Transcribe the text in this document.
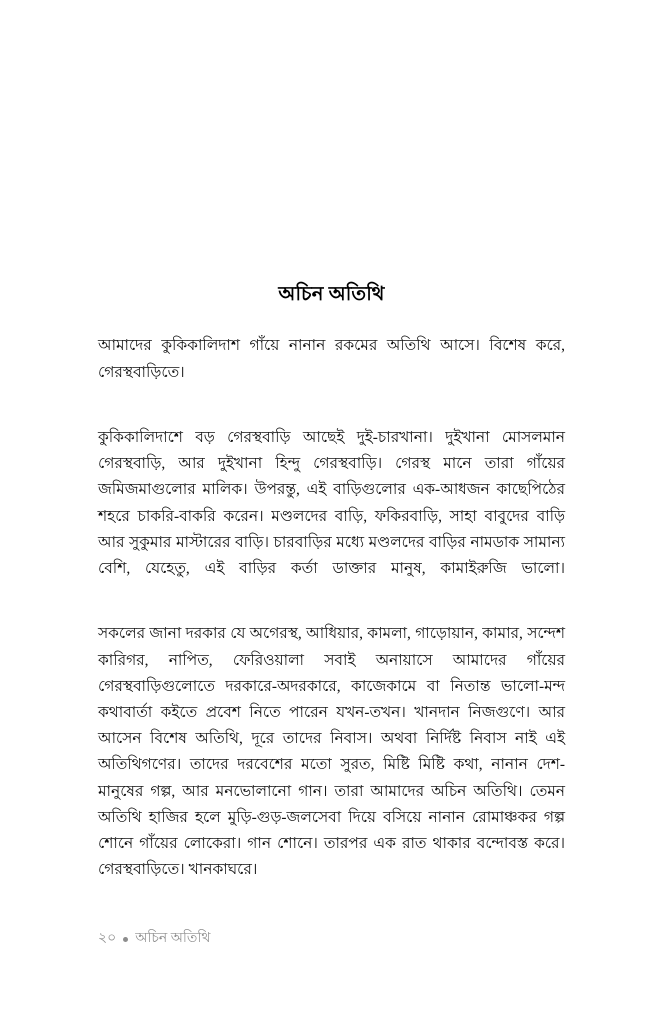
অচিন অতিথি

আমাদের কুকিকালিদাশ গাঁয়ে নানান রকমের অতিথি আসে। বিশেষ করে, গেরস্থবাড়িতে।

কুকিকালিদাশে বড় গেরস্থবাড়ি আছেই দুই-চারখানা। দুইখানা মোসলমান গেরস্থবাড়ি, আর দুইখানা হিন্দু গেরস্থবাড়ি। গেরস্থ মানে তারা গাঁয়ের জমিজমাগুলোর মালিক। উপরন্তু, এই বাড়িগুলোর এক-আধজন কাছেপিঠের শহরে চাকরি-বাকরি করেন। মণ্ডলদের বাড়ি, ফকিরবাড়ি, সাহা বাবুদের বাড়ি আর সুকুমার মাস্টারের বাড়ি। চারবাড়ির মধ্যে মণ্ডলদের বাড়ির নামডাক সামান্য বেশি, যেহেতু, এই বাড়ির কর্তা ডাক্তার মানুষ, কামাইরুজি ভালো।

সকলের জানা দরকার যে অগেরস্থ, আধিয়ার, কামলা, গাড়োয়ান, কামার, সন্দেশ কারিগর, নাপিত, ফেরিওয়ালা সবাই অনায়াসে আমাদের গাঁয়ের গেরস্থবাড়িগুলোতে দরকারে-অদরকারে, কাজেকামে বা নিতান্ত ভালো-মন্দ কথাবার্তা কইতে প্রবেশ নিতে পারেন যখন-তখন। খানদান নিজগুণে। আর আসেন বিশেষ অতিথি, দূরে তাদের নিবাস। অথবা নির্দিষ্ট নিবাস নাই এই অতিথিগণের। তাদের দরবেশের মতো সুরত, মিষ্টি মিষ্টি কথা, নানান দেশ-মানুষের গল্প, আর মনভোলানো গান। তারা আমাদের অচিন অতিথি। তেমন অতিথি হাজির হলে মুড়ি-গুড়-জলসেবা দিয়ে বসিয়ে নানান রোমাঞ্চকর গল্প শোনে গাঁয়ের লোকেরা। গান শোনে। তারপর এক রাত থাকার বন্দোবস্ত করে। গেরস্থবাড়িতে। খানকাঘরে।

২০ অচিন অতিথি
